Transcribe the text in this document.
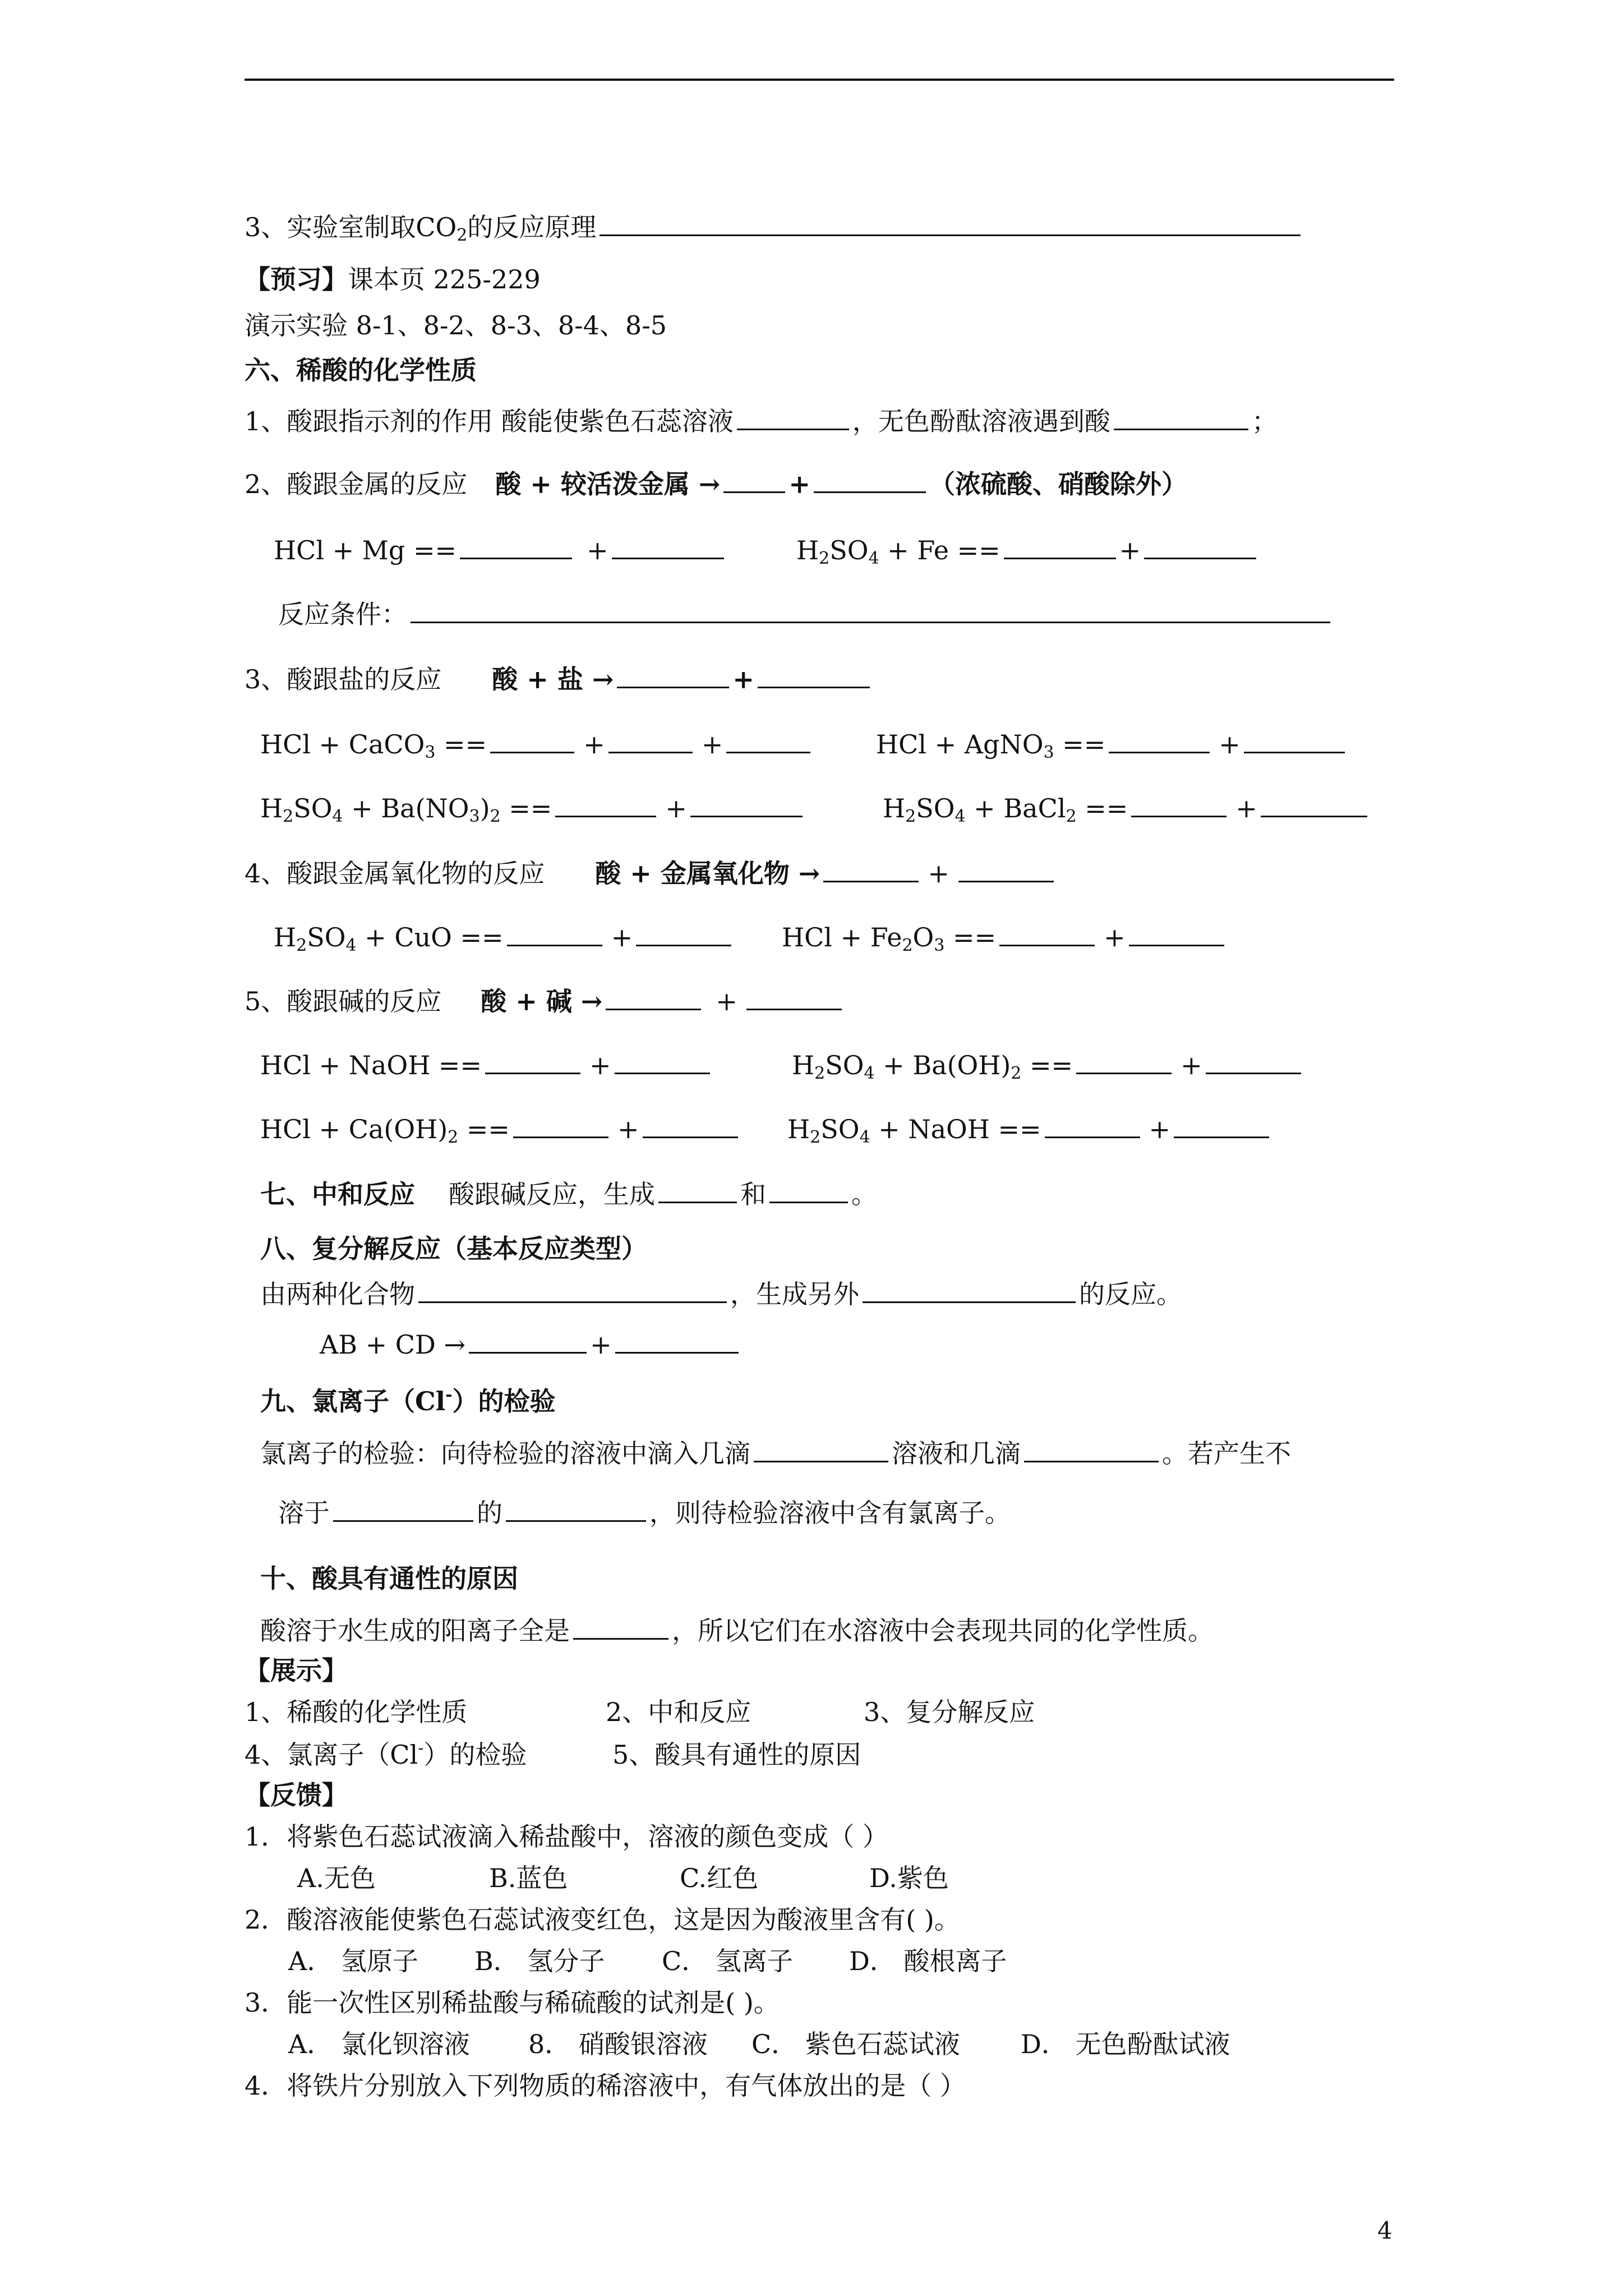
3、实验室制取$CO_2$的反应原理
【预习】课本页 225-229
演示实验 8-1、8-2、8-3、8-4、8-5
六、稀酸的化学性质
1、酸跟指示剂的作用 酸能使紫色石蕊溶液	，无色酚酞溶液遇到酸	；
2、酸跟金属的反应 酸 + 较活泼金属 →	+	（浓硫酸、硝酸除外）
HCl + Mg ==	+	$H_2SO_4 + Fe$ ==	+
反应条件：
3、酸跟盐的反应 酸 + 盐 →	+
HCl + CaCO$_3$ ==	+	+	HCl + AgNO$_3$ ==	+
$H_2SO_4 + Ba(NO_3)_2$ ==	+	$H_2SO_4$ + BaCl$_2$ ==	+
4、酸跟金属氧化物的反应 酸 + 金属氧化物 →	+
$H_2SO_4$ + CuO ==	+	HCl + $Fe_2O_3$ ==	+
5、酸跟碱的反应 酸 + 碱 →	+
HCl + NaOH ==	+	$H_2SO_4 + Ba(OH)_2$ ==	+
HCl + $Ca(OH)_2$ ==	+	$H_2SO_4$ + NaOH ==	+
七、中和反应 酸跟碱反应，生成	和	。
八、复分解反应（基本反应类型）
由两种化合物	，生成另外	的反应。
AB + CD →	+
九、氯离子（Cl-）的检验
氯离子的检验：向待检验的溶液中滴入几滴	溶液和几滴	。若产生不
溶于	的	，则待检验溶液中含有氯离子。
十、酸具有通性的原因
酸溶于水生成的阳离子全是	，所以它们在水溶液中会表现共同的化学性质。
【展示】
1、稀酸的化学性质	2、中和反应	3、复分解反应
4、氯离子（Cl-）的检验	5、酸具有通性的原因
【反馈】
1．将紫色石蕊试液滴入稀盐酸中，溶液的颜色变成（ ）
A.无色	B.蓝色	C.红色	D.紫色
2．酸溶液能使紫色石蕊试液变红色，这是因为酸液里含有( )。
A． 氢原子 B． 氢分子 C． 氢离子 D． 酸根离子
3．能一次性区别稀盐酸与稀硫酸的试剂是( )。
A． 氯化钡溶液 8． 硝酸银溶液 C． 紫色石蕊试液 D． 无色酚酞试液
4．将铁片分别放入下列物质的稀溶液中，有气体放出的是（ ）
4
